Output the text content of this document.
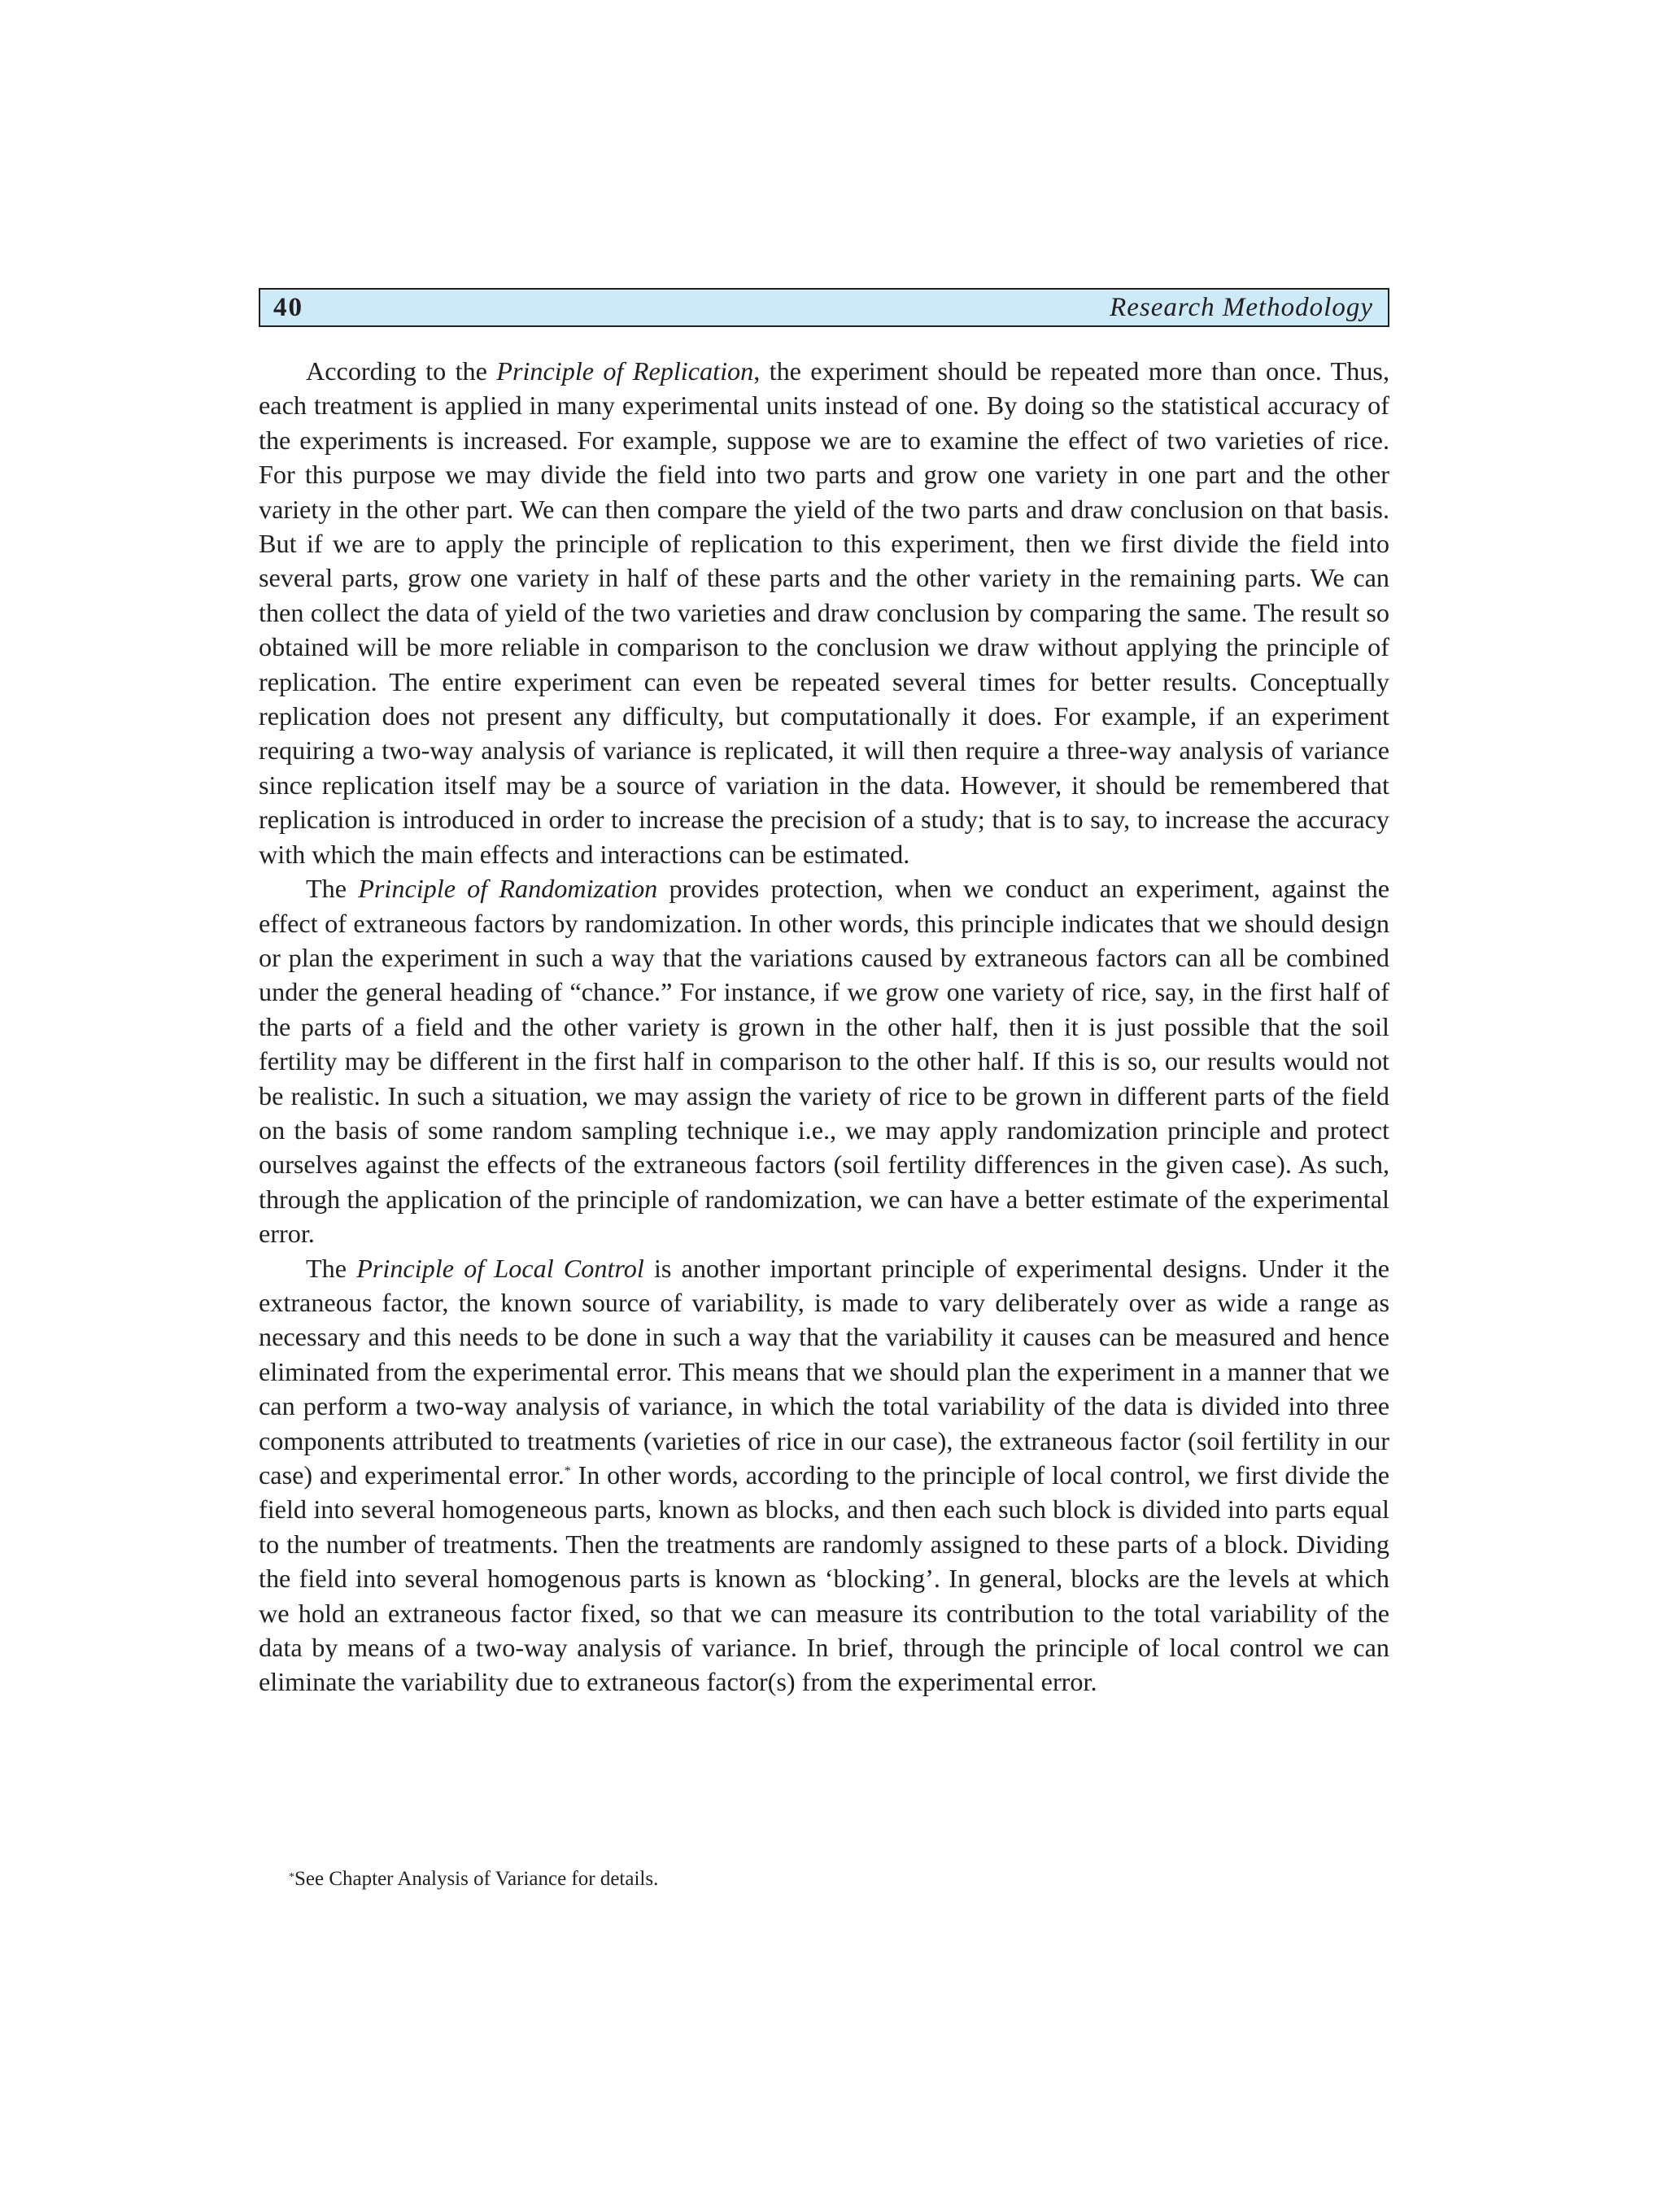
40	Research Methodology

According to the Principle of Replication, the experiment should be repeated more than once. Thus, each treatment is applied in many experimental units instead of one. By doing so the statistical accuracy of the experiments is increased. For example, suppose we are to examine the effect of two varieties of rice. For this purpose we may divide the field into two parts and grow one variety in one part and the other variety in the other part. We can then compare the yield of the two parts and draw conclusion on that basis. But if we are to apply the principle of replication to this experiment, then we first divide the field into several parts, grow one variety in half of these parts and the other variety in the remaining parts. We can then collect the data of yield of the two varieties and draw conclusion by comparing the same. The result so obtained will be more reliable in comparison to the conclusion we draw without applying the principle of replication. The entire experiment can even be repeated several times for better results. Conceptually replication does not present any difficulty, but computationally it does. For example, if an experiment requiring a two-way analysis of variance is replicated, it will then require a three-way analysis of variance since replication itself may be a source of variation in the data. However, it should be remembered that replication is introduced in order to increase the precision of a study; that is to say, to increase the accuracy with which the main effects and interactions can be estimated.

The Principle of Randomization provides protection, when we conduct an experiment, against the effect of extraneous factors by randomization. In other words, this principle indicates that we should design or plan the experiment in such a way that the variations caused by extraneous factors can all be combined under the general heading of “chance.” For instance, if we grow one variety of rice, say, in the first half of the parts of a field and the other variety is grown in the other half, then it is just possible that the soil fertility may be different in the first half in comparison to the other half. If this is so, our results would not be realistic. In such a situation, we may assign the variety of rice to be grown in different parts of the field on the basis of some random sampling technique i.e., we may apply randomization principle and protect ourselves against the effects of the extraneous factors (soil fertility differences in the given case). As such, through the application of the principle of randomization, we can have a better estimate of the experimental error.

The Principle of Local Control is another important principle of experimental designs. Under it the extraneous factor, the known source of variability, is made to vary deliberately over as wide a range as necessary and this needs to be done in such a way that the variability it causes can be measured and hence eliminated from the experimental error. This means that we should plan the experiment in a manner that we can perform a two-way analysis of variance, in which the total variability of the data is divided into three components attributed to treatments (varieties of rice in our case), the extraneous factor (soil fertility in our case) and experimental error.* In other words, according to the principle of local control, we first divide the field into several homogeneous parts, known as blocks, and then each such block is divided into parts equal to the number of treatments. Then the treatments are randomly assigned to these parts of a block. Dividing the field into several homogenous parts is known as ‘blocking’. In general, blocks are the levels at which we hold an extraneous factor fixed, so that we can measure its contribution to the total variability of the data by means of a two-way analysis of variance. In brief, through the principle of local control we can eliminate the variability due to extraneous factor(s) from the experimental error.

*See Chapter Analysis of Variance for details.
